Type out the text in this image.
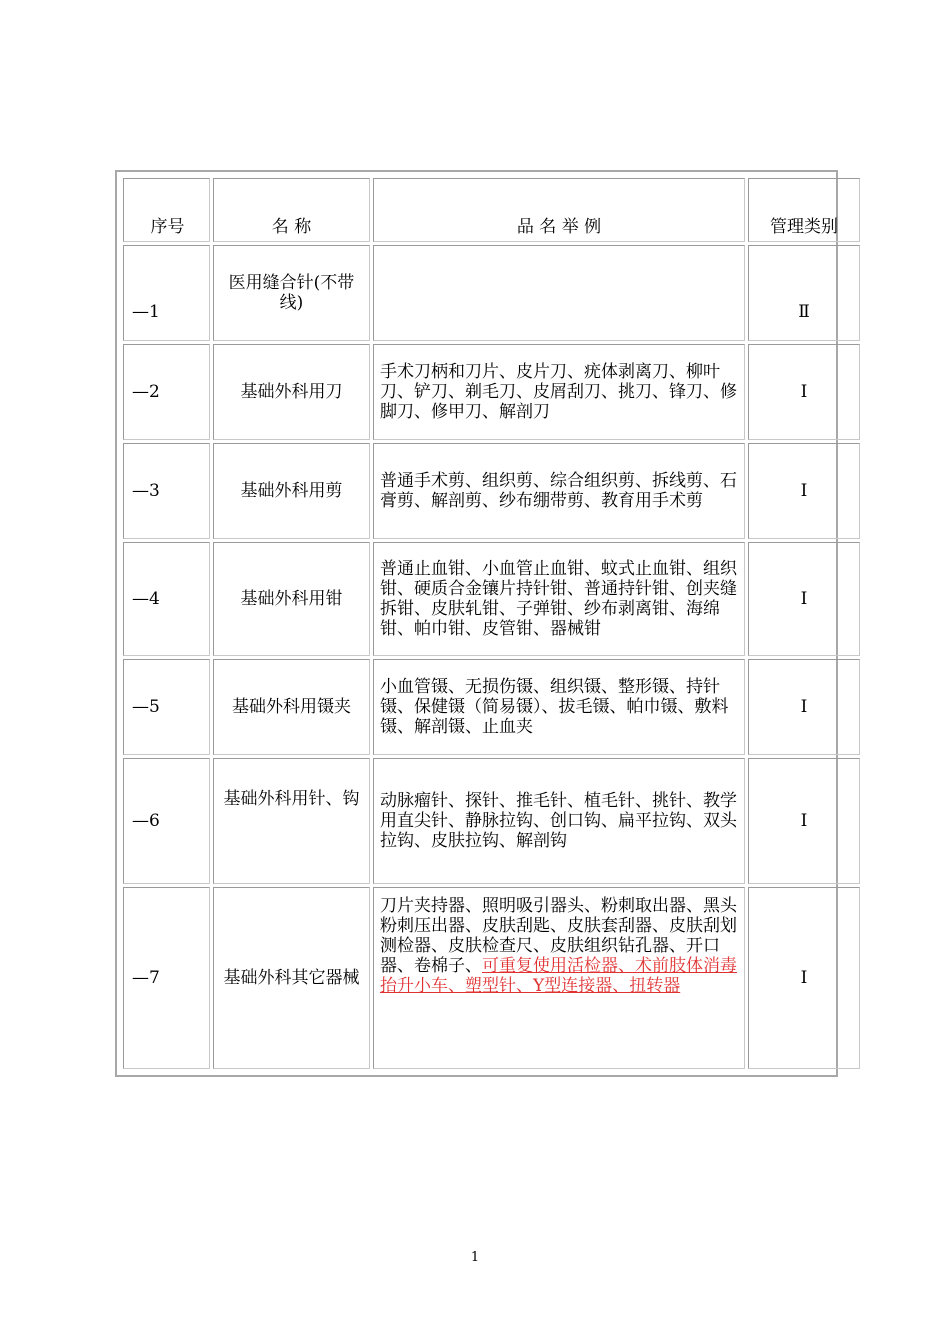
序号	名 称	品 名 举 例	管理类别
—1	医用缝合针(不带线)		Ⅱ
—2	基础外科用刀	手术刀柄和刀片、皮片刀、疣体剥离刀、柳叶刀、铲刀、剃毛刀、皮屑刮刀、挑刀、锋刀、修脚刀、修甲刀、解剖刀	Ⅰ
—3	基础外科用剪	普通手术剪、组织剪、综合组织剪、拆线剪、石膏剪、解剖剪、纱布绷带剪、教育用手术剪	Ⅰ
—4	基础外科用钳	普通止血钳、小血管止血钳、蚊式止血钳、组织钳、硬质合金镶片持针钳、普通持针钳、创夹缝拆钳、皮肤轧钳、子弹钳、纱布剥离钳、海绵钳、帕巾钳、皮管钳、器械钳	Ⅰ
—5	基础外科用镊夹	小血管镊、无损伤镊、组织镊、整形镊、持针镊、保健镊（简易镊）、拔毛镊、帕巾镊、敷料镊、解剖镊、止血夹	Ⅰ
—6	基础外科用针、钩	动脉瘤针、探针、推毛针、植毛针、挑针、教学用直尖针、静脉拉钩、创口钩、扁平拉钩、双头拉钩、皮肤拉钩、解剖钩	Ⅰ
—7	基础外科其它器械	刀片夹持器、照明吸引器头、粉刺取出器、黑头粉刺压出器、皮肤刮匙、皮肤套刮器、皮肤刮划测检器、皮肤检查尺、皮肤组织钻孔器、开口器、卷棉子、可重复使用活检器、术前肢体消毒抬升小车、塑型针、Y型连接器、扭转器	Ⅰ
1
